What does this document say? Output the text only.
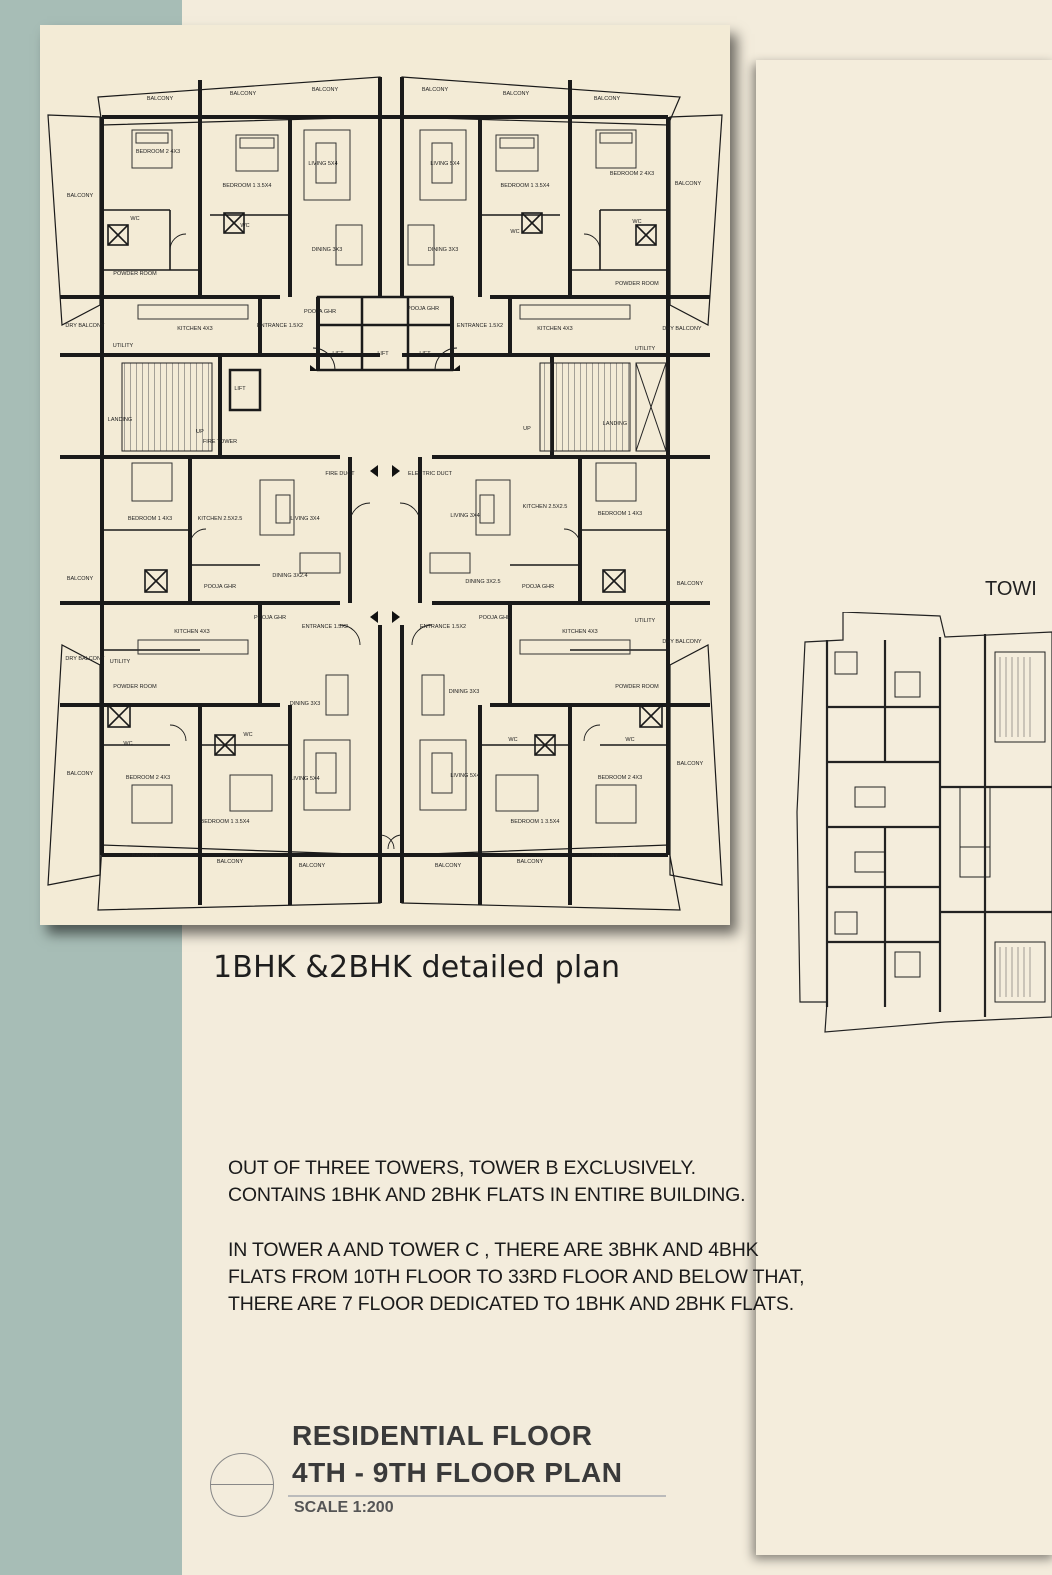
BALCONY
BALCONY
BALCONY	BALCONY
BALCONY
BALCONY
BALCONY
BALCONY
BALCONY
BALCONY
BALCONY
BALCONY
BALCONY
BALCONY
BALCONY	BALCONY
BALCONY
BALCONY
DRY BALCONY	DRY BALCONY
DRY BALCONY
DRY BALCONY
BEDROOM 2 4X3
BEDROOM 1 3.5X4	BEDROOM 1 3.5X4
BEDROOM 2 4X3
LIVING 5X4	LIVING 5X4
DINING 3X3	DINING 3X3
WC
WC
WC
WC
POWDER ROOM
POWDER ROOM
POOJA GHR	POOJA GHR
KITCHEN 4X3	KITCHEN 4X3
ENTRANCE 1.5X2	ENTRANCE 1.5X2
UTILITY	UTILITY
LIFT	LIFT	LIFT
LIFT
LANDING
LANDING
UP	UP
FIRE TOWER
FIRE DUCT	ELECTRIC DUCT
BEDROOM 1 4X3
BEDROOM 1 4X3
KITCHEN 2.5X2.5
KITCHEN 2.5X2.5
LIVING 3X4	LIVING 3X4
DINING 3X2.4
DINING 3X2.5
POOJA GHR	POOJA GHR
POOJA GHR	POOJA GHR
ENTRANCE 1.5X2	ENTRANCE 1.5X2
KITCHEN 4X3	KITCHEN 4X3
UTILITY
UTILITY
POWDER ROOM	POWDER ROOM
DINING 3X3
DINING 3X3
WC
WC
WC	WC
LIVING 5X4	LIVING 5X4
BEDROOM 2 4X3	BEDROOM 2 4X3
BEDROOM 1 3.5X4	BEDROOM 1 3.5X4
1BHK &2BHK detailed plan
TOWI
OUT OF THREE TOWERS, TOWER B EXCLUSIVELY.
CONTAINS 1BHK AND 2BHK FLATS IN ENTIRE BUILDING.
IN TOWER A AND TOWER C , THERE ARE 3BHK AND 4BHK
FLATS FROM 10TH FLOOR TO 33RD FLOOR AND BELOW THAT,
THERE ARE 7 FLOOR DEDICATED TO 1BHK AND 2BHK FLATS.
RESIDENTIAL FLOOR
4TH - 9TH FLOOR PLAN
SCALE 1:200
